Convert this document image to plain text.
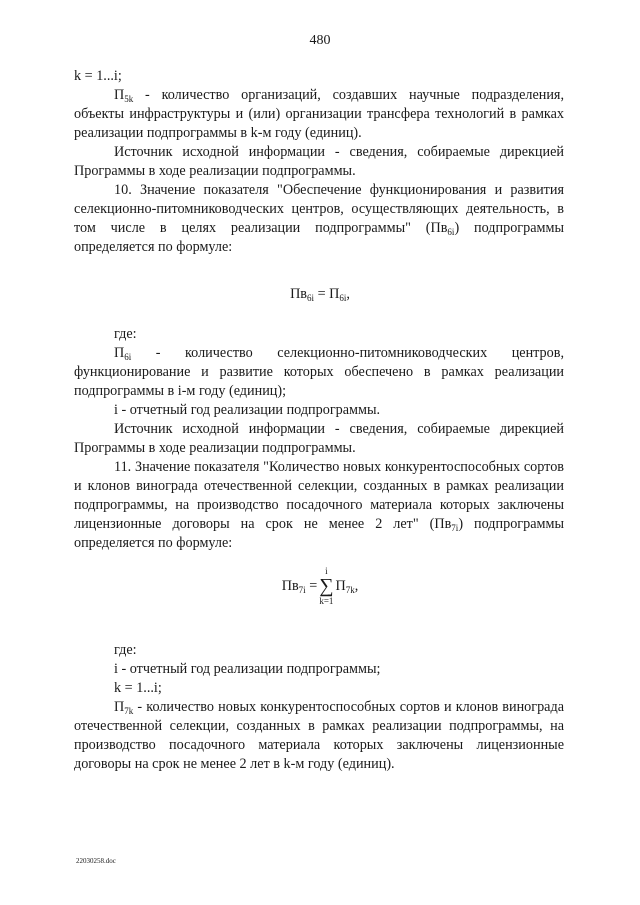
480

k = 1...i;

$П_{5k}$ - количество организаций, создавших научные подразделения, объекты инфраструктуры и (или) организации трансфера технологий в рамках реализации подпрограммы в k-м году (единиц).

Источник исходной информации - сведения, собираемые дирекцией Программы в ходе реализации подпрограммы.

10. Значение показателя "Обеспечение функционирования и развития селекционно-питомниководческих центров, осуществляющих деятельность, в том числе в целях реализации подпрограммы" $(Пв_{6i})$ подпрограммы определяется по формуле:

$Пв_{6i} = П_{6i}$,

где:

$П_{6i}$ - количество селекционно-питомниководческих центров, функционирование и развитие которых обеспечено в рамках реализации подпрограммы в i-м году (единиц);

i - отчетный год реализации подпрограммы.

Источник исходной информации - сведения, собираемые дирекцией Программы в ходе реализации подпрограммы.

11. Значение показателя "Количество новых конкурентоспособных сортов и клонов винограда отечественной селекции, созданных в рамках реализации подпрограммы, на производство посадочного материала которых заключены лицензионные договоры на срок не менее 2 лет" $(Пв_{7i})$ подпрограммы определяется по формуле:

$Пв_{7i}$ =
i
∑
k=1
$П_{7k}$,

где:

i - отчетный год реализации подпрограммы;

k = 1...i;

$П_{7k}$ - количество новых конкурентоспособных сортов и клонов винограда отечественной селекции, созданных в рамках реализации подпрограммы, на производство посадочного материала которых заключены лицензионные договоры на срок не менее 2 лет в k-м году (единиц).

22030258.doc
